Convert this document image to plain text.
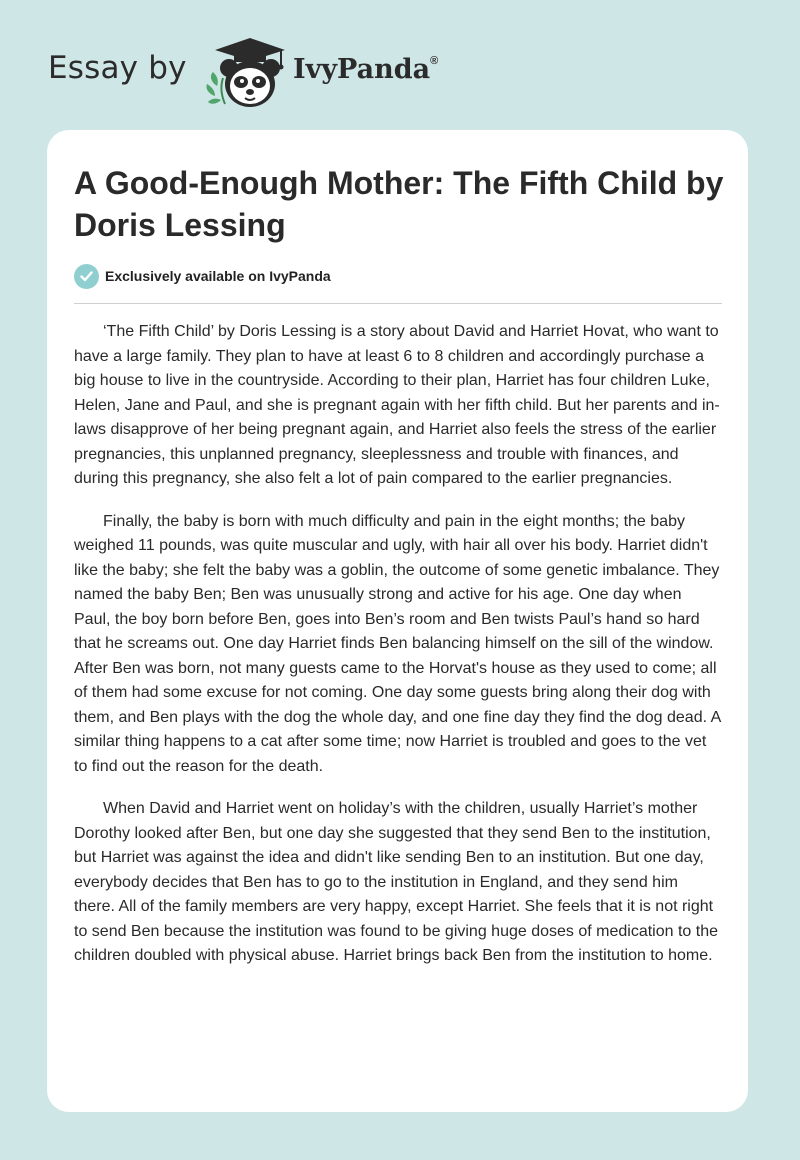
Essay by	IvyPanda®
A Good-Enough Mother: The Fifth Child by Doris Lessing
Exclusively available on IvyPanda

‘The Fifth Child’ by Doris Lessing is a story about David and Harriet Hovat, who want to have a large family. They plan to have at least 6 to 8 children and accordingly purchase a big house to live in the countryside. According to their plan, Harriet has four children Luke, Helen, Jane and Paul, and she is pregnant again with her fifth child. But her parents and in-laws disapprove of her being pregnant again, and Harriet also feels the stress of the earlier pregnancies, this unplanned pregnancy, sleeplessness and trouble with finances, and during this pregnancy, she also felt a lot of pain compared to the earlier pregnancies.

Finally, the baby is born with much difficulty and pain in the eight months; the baby weighed 11 pounds, was quite muscular and ugly, with hair all over his body. Harriet didn't like the baby; she felt the baby was a goblin, the outcome of some genetic imbalance. They named the baby Ben; Ben was unusually strong and active for his age. One day when Paul, the boy born before Ben, goes into Ben’s room and Ben twists Paul’s hand so hard that he screams out. One day Harriet finds Ben balancing himself on the sill of the window. After Ben was born, not many guests came to the Horvat's house as they used to come; all of them had some excuse for not coming. One day some guests bring along their dog with them, and Ben plays with the dog the whole day, and one fine day they find the dog dead. A similar thing happens to a cat after some time; now Harriet is troubled and goes to the vet to find out the reason for the death.

When David and Harriet went on holiday’s with the children, usually Harriet’s mother Dorothy looked after Ben, but one day she suggested that they send Ben to the institution, but Harriet was against the idea and didn't like sending Ben to an institution. But one day, everybody decides that Ben has to go to the institution in England, and they send him there. All of the family members are very happy, except Harriet. She feels that it is not right to send Ben because the institution was found to be giving huge doses of medication to the children doubled with physical abuse. Harriet brings back Ben from the institution to home.
